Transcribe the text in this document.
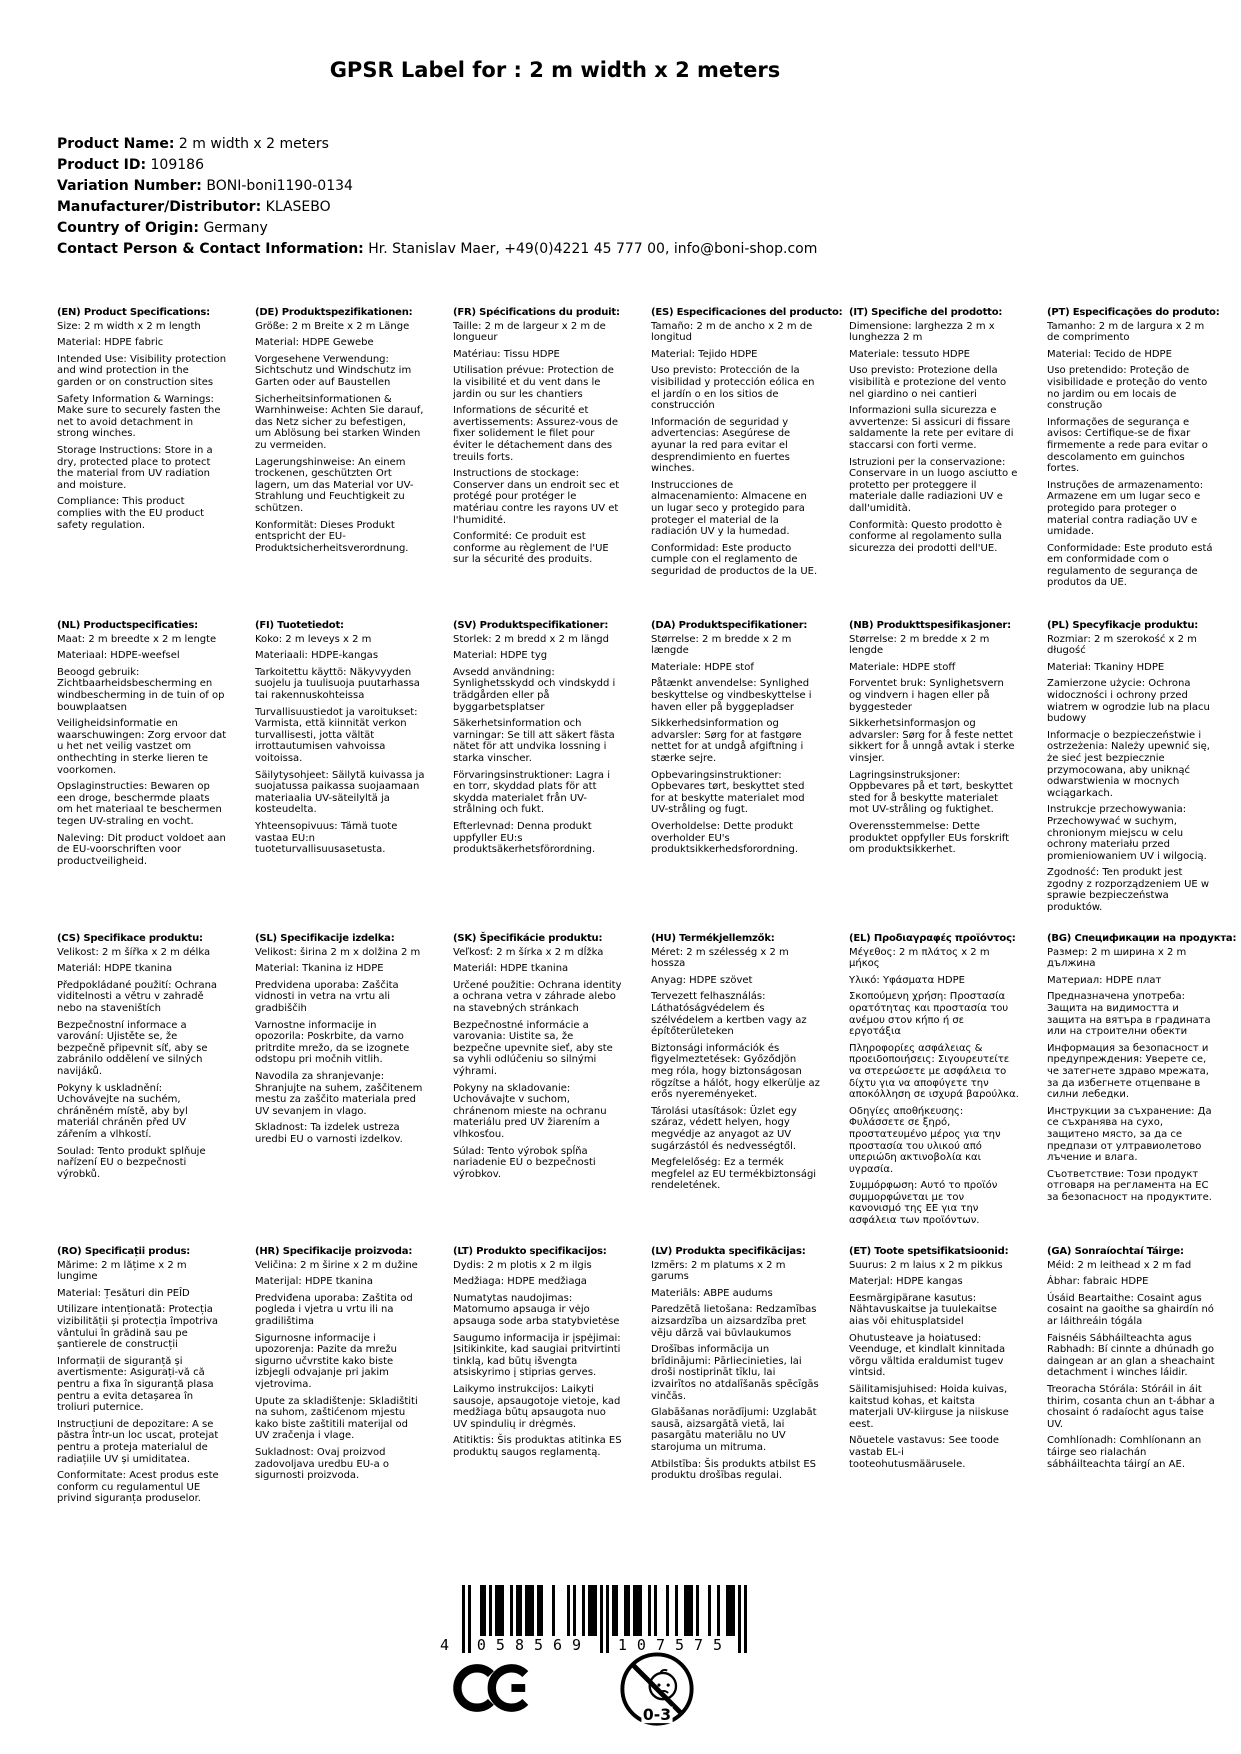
GPSR Label for : 2 m width x 2 meters
Product Name: 2 m width x 2 meters
Product ID: 109186
Variation Number: BONI-boni1190-0134
Manufacturer/Distributor: KLASEBO
Country of Origin: Germany
Contact Person & Contact Information: Hr. Stanislav Maer, +49(0)4221 45 777 00, info@boni-shop.com
(EN) Product Specifications:

Size: 2 m width x 2 m length

Material: HDPE fabric

Intended Use: Visibility protection and wind protection in the garden or on construction sites

Safety Information & Warnings: Make sure to securely fasten the net to avoid detachment in strong winches.

Storage Instructions: Store in a dry, protected place to protect the material from UV radiation and moisture.

Compliance: This product complies with the EU product safety regulation.

(DE) Produktspezifikationen:

Größe: 2 m Breite x 2 m Länge

Material: HDPE Gewebe

Vorgesehene Verwendung: Sichtschutz und Windschutz im Garten oder auf Baustellen

Sicherheitsinformationen & Warnhinweise: Achten Sie darauf, das Netz sicher zu befestigen, um Ablösung bei starken Winden zu vermeiden.

Lagerungshinweise: An einem trockenen, geschützten Ort lagern, um das Material vor UV-Strahlung und Feuchtigkeit zu schützen.

Konformität: Dieses Produkt entspricht der EU-Produktsicherheitsverordnung.

(FR) Spécifications du produit:

Taille: 2 m de largeur x 2 m de longueur

Matériau: Tissu HDPE

Utilisation prévue: Protection de la visibilité et du vent dans le jardin ou sur les chantiers

Informations de sécurité et avertissements: Assurez-vous de fixer solidement le filet pour éviter le détachement dans des treuils forts.

Instructions de stockage: Conserver dans un endroit sec et protégé pour protéger le matériau contre les rayons UV et l'humidité.

Conformité: Ce produit est conforme au règlement de l'UE sur la sécurité des produits.

(ES) Especificaciones del producto:

Tamaño: 2 m de ancho x 2 m de longitud

Material: Tejido HDPE

Uso previsto: Protección de la visibilidad y protección eólica en el jardín o en los sitios de construcción

Información de seguridad y advertencias: Asegúrese de ayunar la red para evitar el desprendimiento en fuertes winches.

Instrucciones de almacenamiento: Almacene en un lugar seco y protegido para proteger el material de la radiación UV y la humedad.

Conformidad: Este producto cumple con el reglamento de seguridad de productos de la UE.

(IT) Specifiche del prodotto:

Dimensione: larghezza 2 m x lunghezza 2 m

Materiale: tessuto HDPE

Uso previsto: Protezione della visibilità e protezione del vento nel giardino o nei cantieri

Informazioni sulla sicurezza e avvertenze: Si assicuri di fissare saldamente la rete per evitare di staccarsi con forti verme.

Istruzioni per la conservazione: Conservare in un luogo asciutto e protetto per proteggere il materiale dalle radiazioni UV e dall'umidità.

Conformità: Questo prodotto è conforme al regolamento sulla sicurezza dei prodotti dell'UE.

(PT) Especificações do produto:

Tamanho: 2 m de largura x 2 m de comprimento

Material: Tecido de HDPE

Uso pretendido: Proteção de visibilidade e proteção do vento no jardim ou em locais de construção

Informações de segurança e avisos: Certifique-se de fixar firmemente a rede para evitar o descolamento em guinchos fortes.

Instruções de armazenamento: Armazene em um lugar seco e protegido para proteger o material contra radiação UV e umidade.

Conformidade: Este produto está em conformidade com o regulamento de segurança de produtos da UE.

(NL) Productspecificaties:

Maat: 2 m breedte x 2 m lengte

Materiaal: HDPE-weefsel

Beoogd gebruik: Zichtbaarheidsbescherming en windbescherming in de tuin of op bouwplaatsen

Veiligheidsinformatie en waarschuwingen: Zorg ervoor dat u het net veilig vastzet om onthechting in sterke lieren te voorkomen.

Opslaginstructies: Bewaren op een droge, beschermde plaats om het materiaal te beschermen tegen UV-straling en vocht.

Naleving: Dit product voldoet aan de EU-voorschriften voor productveiligheid.

(FI) Tuotetiedot:

Koko: 2 m leveys x 2 m

Materiaali: HDPE-kangas

Tarkoitettu käyttö: Näkyvyyden suojelu ja tuulisuoja puutarhassa tai rakennuskohteissa

Turvallisuustiedot ja varoitukset: Varmista, että kiinnität verkon turvallisesti, jotta vältät irrottautumisen vahvoissa voitoissa.

Säilytysohjeet: Säilytä kuivassa ja suojatussa paikassa suojaamaan materiaalia UV-säteilyltä ja kosteudelta.

Yhteensopivuus: Tämä tuote vastaa EU:n tuoteturvallisuusasetusta.

(SV) Produktspecifikationer:

Storlek: 2 m bredd x 2 m längd

Material: HDPE tyg

Avsedd användning: Synlighetsskydd och vindskydd i trädgården eller på byggarbetsplatser

Säkerhetsinformation och varningar: Se till att säkert fästa nätet för att undvika lossning i starka vinscher.

Förvaringsinstruktioner: Lagra i en torr, skyddad plats för att skydda materialet från UV-strålning och fukt.

Efterlevnad: Denna produkt uppfyller EU:s produktsäkerhetsförordning.

(DA) Produktspecifikationer:

Størrelse: 2 m bredde x 2 m længde

Materiale: HDPE stof

Påtænkt anvendelse: Synlighed beskyttelse og vindbeskyttelse i haven eller på byggepladser

Sikkerhedsinformation og advarsler: Sørg for at fastgøre nettet for at undgå afgiftning i stærke sejre.

Opbevaringsinstruktioner: Opbevares tørt, beskyttet sted for at beskytte materialet mod UV-stråling og fugt.

Overholdelse: Dette produkt overholder EU's produktsikkerhedsforordning.

(NB) Produkttspesifikasjoner:

Størrelse: 2 m bredde x 2 m lengde

Materiale: HDPE stoff

Forventet bruk: Synlighetsvern og vindvern i hagen eller på byggesteder

Sikkerhetsinformasjon og advarsler: Sørg for å feste nettet sikkert for å unngå avtak i sterke vinsjer.

Lagringsinstruksjoner: Oppbevares på et tørt, beskyttet sted for å beskytte materialet mot UV-stråling og fuktighet.

Overensstemmelse: Dette produktet oppfyller EUs forskrift om produktsikkerhet.

(PL) Specyfikacje produktu:

Rozmiar: 2 m szerokość x 2 m długość

Materiał: Tkaniny HDPE

Zamierzone użycie: Ochrona widoczności i ochrony przed wiatrem w ogrodzie lub na placu budowy

Informacje o bezpieczeństwie i ostrzeżenia: Należy upewnić się, że sieć jest bezpiecznie przymocowana, aby uniknąć odwarstwienia w mocnych wciągarkach.

Instrukcje przechowywania: Przechowywać w suchym, chronionym miejscu w celu ochrony materiału przed promieniowaniem UV i wilgocią.

Zgodność: Ten produkt jest zgodny z rozporządzeniem UE w sprawie bezpieczeństwa produktów.

(CS) Specifikace produktu:

Velikost: 2 m šířka x 2 m délka

Materiál: HDPE tkanina

Předpokládané použití: Ochrana viditelnosti a větru v zahradě nebo na staveništích

Bezpečnostní informace a varování: Ujistěte se, že bezpečně připevnit síť, aby se zabránilo oddělení ve silných navijáků.

Pokyny k uskladnění: Uchovávejte na suchém, chráněném místě, aby byl materiál chráněn před UV zářením a vlhkostí.

Soulad: Tento produkt splňuje nařízení EU o bezpečnosti výrobků.

(SL) Specifikacije izdelka:

Velikost: širina 2 m x dolžina 2 m

Material: Tkanina iz HDPE

Predvidena uporaba: Zaščita vidnosti in vetra na vrtu ali gradbiščih

Varnostne informacije in opozorila: Poskrbite, da varno pritrdite mrežo, da se izognete odstopu pri močnih vitlih.

Navodila za shranjevanje: Shranjujte na suhem, zaščitenem mestu za zaščito materiala pred UV sevanjem in vlago.

Skladnost: Ta izdelek ustreza uredbi EU o varnosti izdelkov.

(SK) Špecifikácie produktu:

Veľkosť: 2 m šírka x 2 m dĺžka

Materiál: HDPE tkanina

Určené použitie: Ochrana identity a ochrana vetra v záhrade alebo na stavebných stránkach

Bezpečnostné informácie a varovania: Uistite sa, že bezpečne upevnite sieť, aby ste sa vyhli odlúčeniu so silnými výhrami.

Pokyny na skladovanie: Uchovávajte v suchom, chránenom mieste na ochranu materiálu pred UV žiarením a vlhkosťou.

Súlad: Tento výrobok spĺňa nariadenie EÚ o bezpečnosti výrobkov.

(HU) Termékjellemzők:

Méret: 2 m szélesség x 2 m hossza

Anyag: HDPE szövet

Tervezett felhasználás: Láthatóságvédelem és szélvédelem a kertben vagy az építőterületeken

Biztonsági információk és figyelmeztetések: Győződjön meg róla, hogy biztonságosan rögzítse a hálót, hogy elkerülje az erős nyereményeket.

Tárolási utasítások: Üzlet egy száraz, védett helyen, hogy megvédje az anyagot az UV sugárzástól és nedvességtől.

Megfelelőség: Ez a termék megfelel az EU termékbiztonsági rendeletének.

(EL) Προδιαγραφές προϊόντος:

Μέγεθος: 2 m πλάτος x 2 m μήκος

Υλικό: Υφάσματα HDPE

Σκοπούμενη χρήση: Προστασία ορατότητας και προστασία του ανέμου στον κήπο ή σε εργοτάξια

Πληροφορίες ασφάλειας & προειδοποιήσεις: Σιγουρευτείτε να στερεώσετε με ασφάλεια το δίχτυ για να αποφύγετε την αποκόλληση σε ισχυρά βαρούλκα.

Οδηγίες αποθήκευσης: Φυλάσσετε σε ξηρό, προστατευμένο μέρος για την προστασία του υλικού από υπεριώδη ακτινοβολία και υγρασία.

Συμμόρφωση: Αυτό το προϊόν συμμορφώνεται με τον κανονισμό της ΕΕ για την ασφάλεια των προϊόντων.

(BG) Спецификации на продукта:

Размер: 2 m ширина x 2 m дължина

Материал: HDPE плат

Предназначена употреба: Защита на видимостта и защита на вятъра в градината или на строителни обекти

Информация за безопасност и предупреждения: Уверете се, че затегнете здраво мрежата, за да избегнете отцепване в силни лебедки.

Инструкции за съхранение: Да се съхранява на сухо, защитено място, за да се предпази от ултравиолетово лъчение и влага.

Съответствие: Този продукт отговаря на регламента на ЕС за безопасност на продуктите.

(RO) Specificații produs:

Mărime: 2 m lățime x 2 m lungime

Material: Țesături din PEÎD

Utilizare intenționată: Protecția vizibilității și protecția împotriva vântului în grădină sau pe șantierele de construcții

Informații de siguranță și avertismente: Asigurați-vă că pentru a fixa în siguranță plasa pentru a evita detașarea în troliuri puternice.

Instrucțiuni de depozitare: A se păstra într-un loc uscat, protejat pentru a proteja materialul de radiațiile UV și umiditatea.

Conformitate: Acest produs este conform cu regulamentul UE privind siguranța produselor.

(HR) Specifikacije proizvoda:

Veličina: 2 m širine x 2 m dužine

Materijal: HDPE tkanina

Predviđena uporaba: Zaštita od pogleda i vjetra u vrtu ili na gradilištima

Sigurnosne informacije i upozorenja: Pazite da mrežu sigurno učvrstite kako biste izbjegli odvajanje pri jakim vjetrovima.

Upute za skladištenje: Skladištiti na suhom, zaštićenom mjestu kako biste zaštitili materijal od UV zračenja i vlage.

Sukladnost: Ovaj proizvod zadovoljava uredbu EU-a o sigurnosti proizvoda.

(LT) Produkto specifikacijos:

Dydis: 2 m plotis x 2 m ilgis

Medžiaga: HDPE medžiaga

Numatytas naudojimas: Matomumo apsauga ir vėjo apsauga sode arba statybvietėse

Saugumo informacija ir įspėjimai: Įsitikinkite, kad saugiai pritvirtinti tinklą, kad būtų išvengta atsiskyrimo į stiprias gerves.

Laikymo instrukcijos: Laikyti sausoje, apsaugotoje vietoje, kad medžiaga būtų apsaugota nuo UV spindulių ir drėgmės.

Atitiktis: Šis produktas atitinka ES produktų saugos reglamentą.

(LV) Produkta specifikācijas:

Izmērs: 2 m platums x 2 m garums

Materiāls: ABPE audums

Paredzētā lietošana: Redzamības aizsardzība un aizsardzība pret vēju dārzā vai būvlaukumos

Drošības informācija un brīdinājumi: Pārliecinieties, lai droši nostiprināt tīklu, lai izvairītos no atdalīšanās spēcīgās vinčās.

Glabāšanas norādījumi: Uzglabāt sausā, aizsargātā vietā, lai pasargātu materiālu no UV starojuma un mitruma.

Atbilstība: Šis produkts atbilst ES produktu drošības regulai.

(ET) Toote spetsifikatsioonid:

Suurus: 2 m laius x 2 m pikkus

Materjal: HDPE kangas

Eesmärgipärane kasutus: Nähtavuskaitse ja tuulekaitse aias või ehitusplatsidel

Ohutusteave ja hoiatused: Veenduge, et kindlalt kinnitada võrgu vältida eraldumist tugev vintsid.

Säilitamisjuhised: Hoida kuivas, kaitstud kohas, et kaitsta materjali UV-kiirguse ja niiskuse eest.

Nõuetele vastavus: See toode vastab EL-i tooteohutusmäärusele.

(GA) Sonraíochtaí Táirge:

Méid: 2 m leithead x 2 m fad

Ábhar: fabraic HDPE

Úsáid Beartaithe: Cosaint agus cosaint na gaoithe sa ghairdín nó ar láithreáin tógála

Faisnéis Sábháilteachta agus Rabhadh: Bí cinnte a dhúnadh go daingean ar an glan a sheachaint detachment i winches láidir.

Treoracha Stórála: Stóráil in áit thirim, cosanta chun an t-ábhar a chosaint ó radaíocht agus taise UV.

Comhlíonadh: Comhlíonann an táirge seo rialachán sábháilteachta táirgí an AE.

4	058569	107575
0-3
